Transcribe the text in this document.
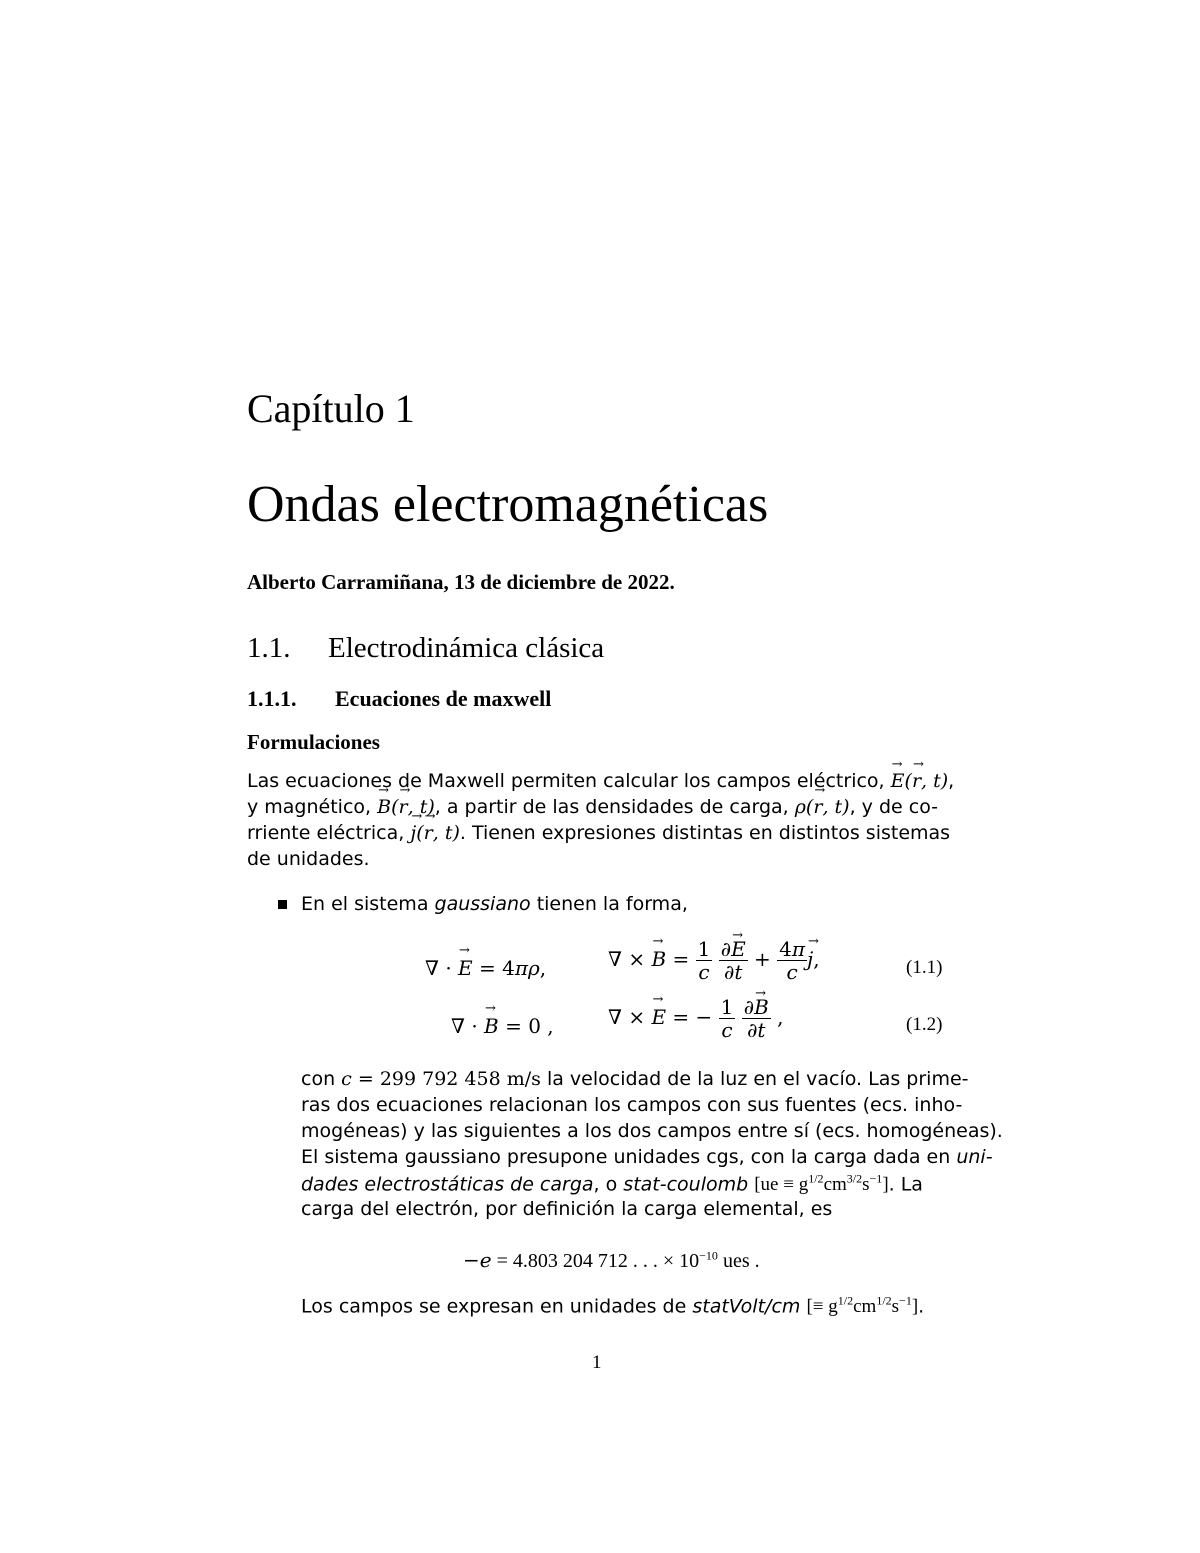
Capítulo 1
Ondas electromagnéticas
Alberto Carramiñana, 13 de diciembre de 2022.
1.1. Electrodinámica clásica
1.1.1. Ecuaciones de maxwell
Formulaciones
Las ecuaciones de Maxwell permiten calcular los campos eléctrico, → E(→ r, t),
y magnético, → B(→ r, t), a partir de las densidades de carga, ρ(→ r, t), y de co-
rriente eléctrica, → j(→ r, t). Tienen expresiones distintas en distintos sistemas
de unidades.
En el sistema gaussiano tienen la forma,
∇ · → E = 4πρ,	∇ × → $B = \frac{1}{c}$
$\frac{\partial\to E}{\partial t} + \frac{4\pi}{c}$
→ j,	(1.1)
∇ · → B = 0 ,	∇ × → E = − $\frac{1}{c}$
$\frac{\partial\to B}{\partial t}$ ,	(1.2)
con c = 299 792 458 m/s la velocidad de la luz en el vacío. Las prime-
ras dos ecuaciones relacionan los campos con sus fuentes (ecs. inho-
mogéneas) y las siguientes a los dos campos entre sí (ecs. homogéneas).
El sistema gaussiano presupone unidades cgs, con la carga dada en uni-
dades electrostáticas de carga, o stat-coulomb $[ue \equiv g^{1/2}cm^{3/2}s^{-1}]$. La
carga del electrón, por definición la carga elemental, es
−e = 4.803 204 712 . . . × $10^{-10}$ ues .
Los campos se expresan en unidades de statVolt/cm [≡ $g^{1/2}cm^{1/2}s^{-1}$].
1
